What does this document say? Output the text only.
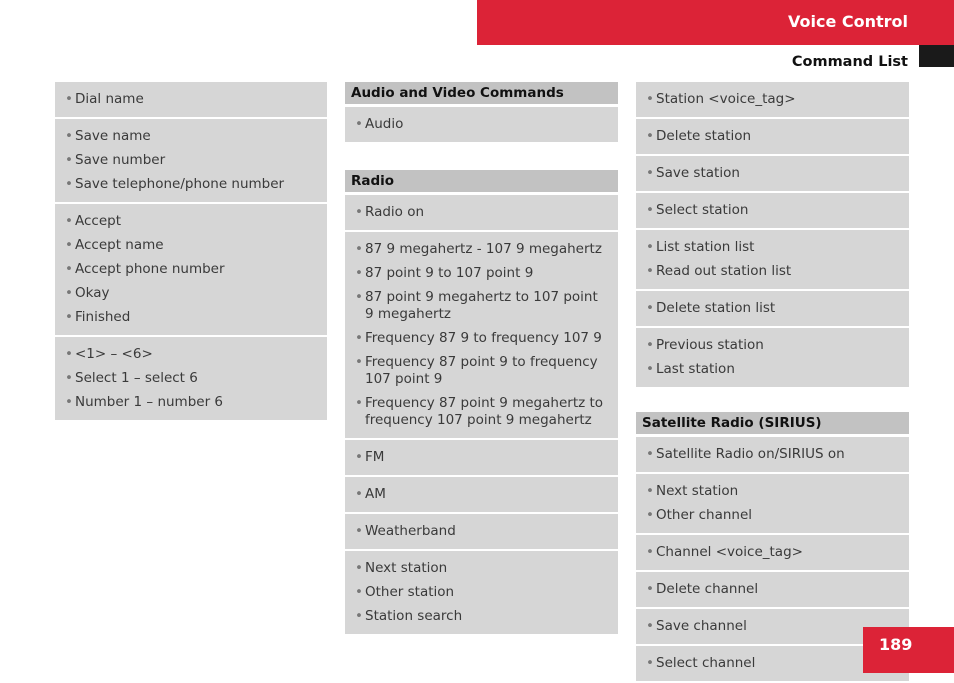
Voice Control
Command List
• Dial name
• Save name
• Save number
• Save telephone/phone number
• Accept
• Accept name
• Accept phone number
• Okay
• Finished
• <1> – <6>
• Select 1 – select 6
• Number 1 – number 6
Audio and Video Commands
• Audio
Radio
• Radio on
• 87 9 megahertz - 107 9 megahertz
• 87 point 9 to 107 point 9
• 87 point 9 megahertz to 107 point 9 megahertz
• Frequency 87 9 to frequency 107 9
• Frequency 87 point 9 to frequency 107 point 9
• Frequency 87 point 9 megahertz to frequency 107 point 9 megahertz
• FM
• AM
• Weatherband
• Next station
• Other station
• Station search
• Station <voice_tag>
• Delete station
• Save station
• Select station
• List station list
• Read out station list
• Delete station list
• Previous station
• Last station
Satellite Radio (SIRIUS)
• Satellite Radio on/SIRIUS on
• Next station
• Other channel
• Channel <voice_tag>
• Delete channel
• Save channel
• Select channel
189
